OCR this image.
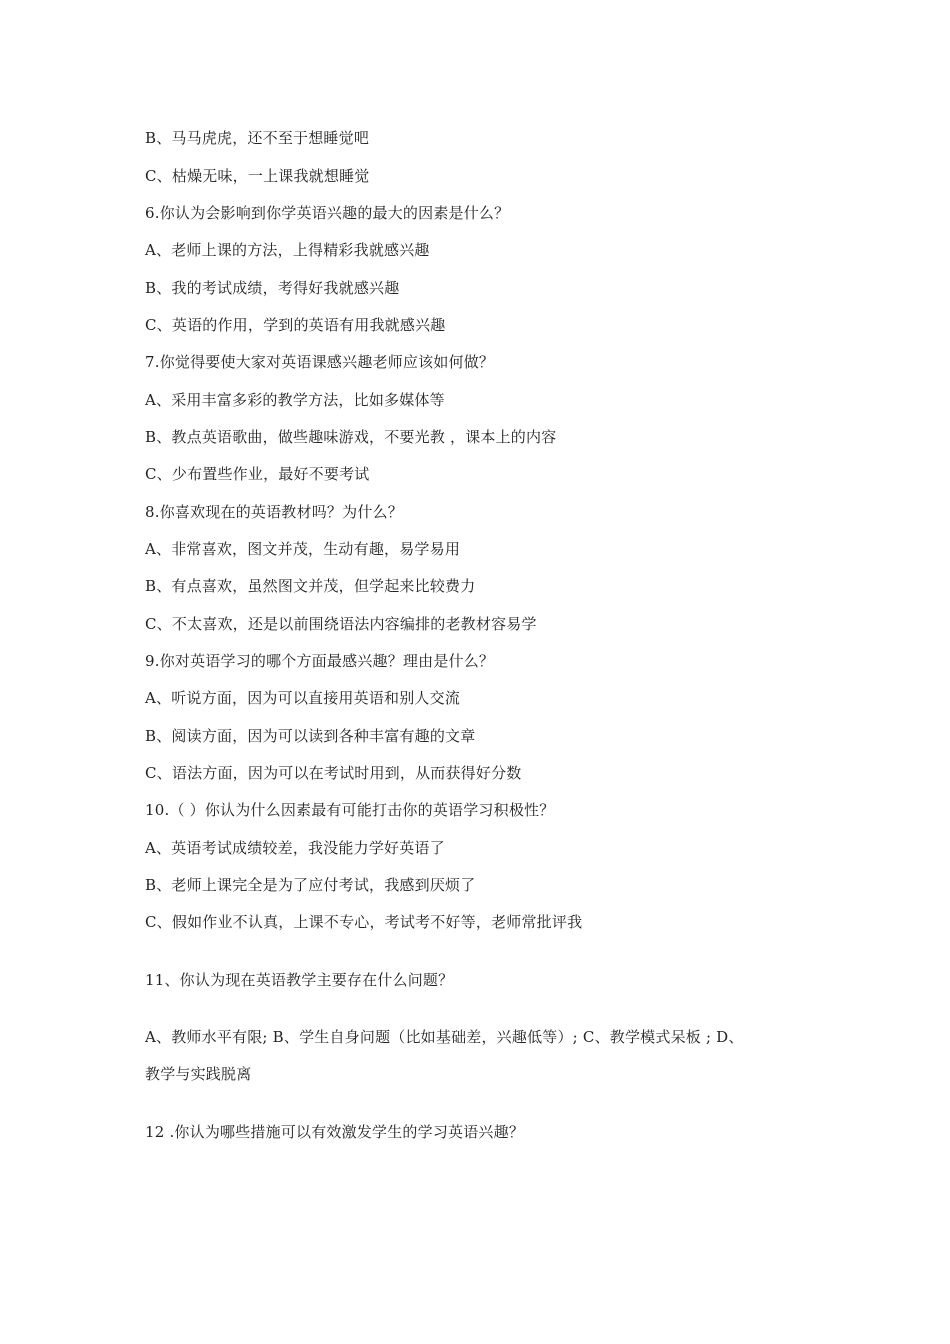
B、马马虎虎，还不至于想睡觉吧
C、枯燥无味，一上课我就想睡觉
6.你认为会影响到你学英语兴趣的最大的因素是什么？
A、老师上课的方法，上得精彩我就感兴趣
B、我的考试成绩，考得好我就感兴趣
C、英语的作用，学到的英语有用我就感兴趣
7.你觉得要使大家对英语课感兴趣老师应该如何做？
A、采用丰富多彩的教学方法，比如多媒体等
B、教点英语歌曲，做些趣味游戏，不要光教 ，课本上的内容
C、少布置些作业，最好不要考试
8.你喜欢现在的英语教材吗？为什么？
A、非常喜欢，图文并茂，生动有趣，易学易用
B、有点喜欢，虽然图文并茂，但学起来比较费力
C、不太喜欢，还是以前围绕语法内容编排的老教材容易学
9.你对英语学习的哪个方面最感兴趣？理由是什么？
A、听说方面，因为可以直接用英语和别人交流
B、阅读方面，因为可以读到各种丰富有趣的文章
C、语法方面，因为可以在考试时用到，从而获得好分数
10.（ ）你认为什么因素最有可能打击你的英语学习积极性？
A、英语考试成绩较差，我没能力学好英语了
B、老师上课完全是为了应付考试，我感到厌烦了
C、假如作业不认真，上课不专心，考试考不好等，老师常批评我
11、你认为现在英语教学主要存在什么问题？
A、教师水平有限; B、学生自身问题（比如基础差，兴趣低等）; C、教学模式呆板 ; D、
教学与实践脱离
12 .你认为哪些措施可以有效激发学生的学习英语兴趣？
